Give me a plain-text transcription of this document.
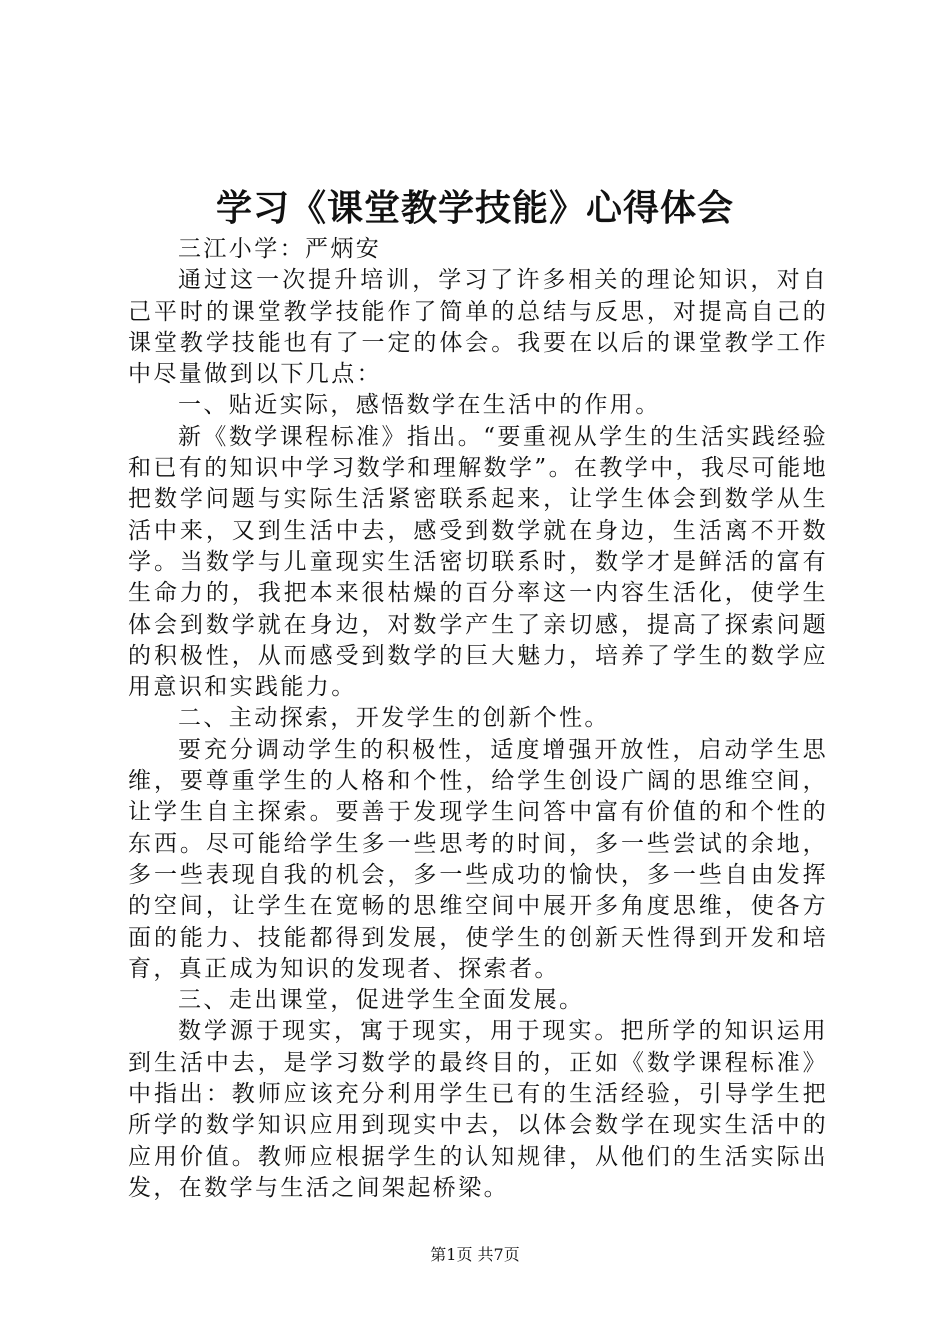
学习《课堂教学技能》心得体会

三江小学：严炳安

通过这一次提升培训，学习了许多相关的理论知识，对自己平时的课堂教学技能作了简单的总结与反思，对提高自己的课堂教学技能也有了一定的体会。我要在以后的课堂教学工作中尽量做到以下几点：

一、贴近实际，感悟数学在生活中的作用。

新《数学课程标准》指出。“要重视从学生的生活实践经验和已有的知识中学习数学和理解数学”。在教学中，我尽可能地把数学问题与实际生活紧密联系起来，让学生体会到数学从生活中来，又到生活中去，感受到数学就在身边，生活离不开数学。当数学与儿童现实生活密切联系时，数学才是鲜活的富有生命力的，我把本来很枯燥的百分率这一内容生活化，使学生体会到数学就在身边，对数学产生了亲切感，提高了探索问题的积极性，从而感受到数学的巨大魅力，培养了学生的数学应用意识和实践能力。

二、主动探索，开发学生的创新个性。

要充分调动学生的积极性，适度增强开放性，启动学生思维，要尊重学生的人格和个性，给学生创设广阔的思维空间，让学生自主探索。要善于发现学生问答中富有价值的和个性的东西。尽可能给学生多一些思考的时间，多一些尝试的余地，多一些表现自我的机会，多一些成功的愉快，多一些自由发挥的空间，让学生在宽畅的思维空间中展开多角度思维，使各方面的能力、技能都得到发展，使学生的创新天性得到开发和培育，真正成为知识的发现者、探索者。

三、走出课堂，促进学生全面发展。

数学源于现实，寓于现实，用于现实。把所学的知识运用到生活中去，是学习数学的最终目的，正如《数学课程标准》中指出：教师应该充分利用学生已有的生活经验，引导学生把所学的数学知识应用到现实中去，以体会数学在现实生活中的应用价值。教师应根据学生的认知规律，从他们的生活实际出发，在数学与生活之间架起桥梁。

第1页 共7页
